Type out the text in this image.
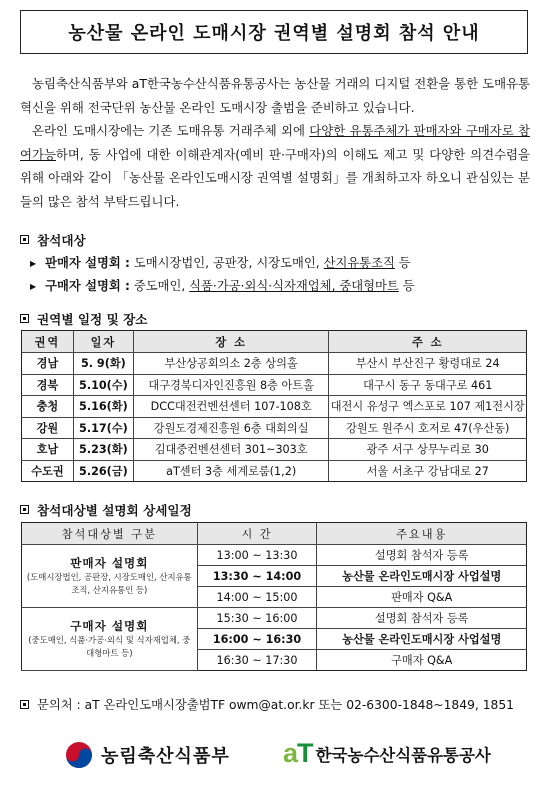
농산물 온라인 도매시장 권역별 설명회 참석 안내

농림축산식품부와 aT한국농수산식품유통공사는 농산물 거래의 디지털 전환을 통한 도매유통 혁신을 위해 전국단위 농산물 온라인 도매시장 출범을 준비하고 있습니다.

온라인 도매시장에는 기존 도매유통 거래주체 외에 다양한 유통주체가 판매자와 구매자로 참여가능하며, 동 사업에 대한 이해관계자(예비 판·구매자)의 이해도 제고 및 다양한 의견수렴을 위해 아래와 같이 「농산물 온라인도매시장 권역별 설명회」를 개최하고자 하오니 관심있는 분들의 많은 참석 부탁드립니다.

참석대상
▶ 판매자 설명회 : 도매시장법인, 공판장, 시장도매인, 산지유통조직 등
▶ 구매자 설명회 : 중도매인, 식품·가공·외식·식자재업체, 중대형마트 등
권역별 일정 및 장소
권역	일자	장 소	주 소
경남	5. 9(화)	부산상공회의소 2층 상의홀	부산시 부산진구 황령대로 24
경북	5.10(수)	대구경북디자인진흥원 8층 아트홀	대구시 동구 동대구로 461
충청	5.16(화)	DCC대전컨벤션센터 107-108호	대전시 유성구 엑스포로 107 제1전시장
강원	5.17(수)	강원도경제진흥원 6층 대회의실	강원도 원주시 호저로 47(우산동)
호남	5.23(화)	김대중컨벤션센터 301~303호	광주 서구 상무누리로 30
수도권	5.26(금)	aT센터 3층 세계로룸(1,2)	서울 서초구 강남대로 27
참석대상별 설명회 상세일정
참석대상별 구분	시 간	주요내용

판매자 설명회
(도매시장법인, 공판장, 시장도매인, 산지유통조직, 산지유통인 등)	13:00 ~ 13:30	설명회 참석자 등록
	13:30 ~ 14:00	농산물 온라인도매시장 사업설명
	14:00 ~ 15:00	판매자 Q&A

구매자 설명회
(중도매인, 식품·가공·외식 및 식자재업체, 중대형마트 등)	15:30 ~ 16:00	설명회 참석자 등록
	16:00 ~ 16:30	농산물 온라인도매시장 사업설명
	16:30 ~ 17:30	구매자 Q&A
문의처 : aT 온라인도매시장출범TF owm@at.or.kr 또는 02-6300-1848~1849, 1851
농림축산식품부 aT 한국농수산식품유통공사
